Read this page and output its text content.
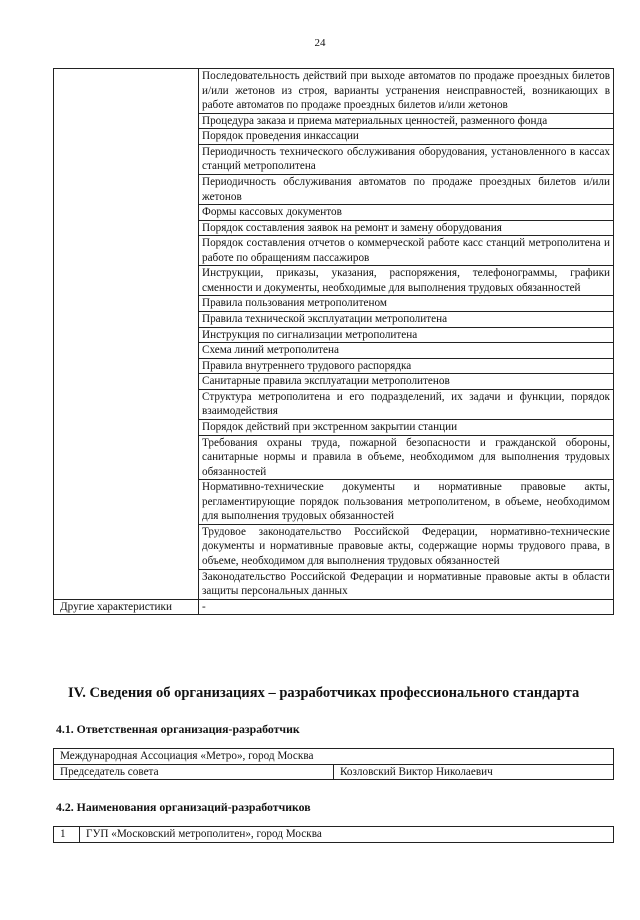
24
	Последовательность действий при выходе автоматов по продаже проездных билетов и/или жетонов из строя, варианты устранения неисправностей, возникающих в работе автоматов по продаже проездных билетов и/или жетонов
	Процедура заказа и приема материальных ценностей, разменного фонда
	Порядок проведения инкассации
	Периодичность технического обслуживания оборудования, установленного в кассах станций метрополитена
	Периодичность обслуживания автоматов по продаже проездных билетов и/или жетонов
	Формы кассовых документов
	Порядок составления заявок на ремонт и замену оборудования
	Порядок составления отчетов о коммерческой работе касс станций метрополитена и работе по обращениям пассажиров
	Инструкции, приказы, указания, распоряжения, телефонограммы, графики сменности и документы, необходимые для выполнения трудовых обязанностей
	Правила пользования метрополитеном
	Правила технической эксплуатации метрополитена
	Инструкция по сигнализации метрополитена
	Схема линий метрополитена
	Правила внутреннего трудового распорядка
	Санитарные правила эксплуатации метрополитенов
	Структура метрополитена и его подразделений, их задачи и функции, порядок взаимодействия
	Порядок действий при экстренном закрытии станции
	Требования охраны труда, пожарной безопасности и гражданской обороны, санитарные нормы и правила в объеме, необходимом для выполнения трудовых обязанностей
	Нормативно-технические документы и нормативные правовые акты, регламентирующие порядок пользования метрополитеном, в объеме, необходимом для выполнения трудовых обязанностей
	Трудовое законодательство Российской Федерации, нормативно-технические документы и нормативные правовые акты, содержащие нормы трудового права, в объеме, необходимом для выполнения трудовых обязанностей
	Законодательство Российской Федерации и нормативные правовые акты в области защиты персональных данных
Другие характеристики	-
IV. Сведения об организациях – разработчиках профессионального стандарта
4.1. Ответственная организация-разработчик
Международная Ассоциация «Метро», город Москва
Председатель совета	Козловский Виктор Николаевич
4.2. Наименования организаций-разработчиков
1	ГУП «Московский метрополитен», город Москва
